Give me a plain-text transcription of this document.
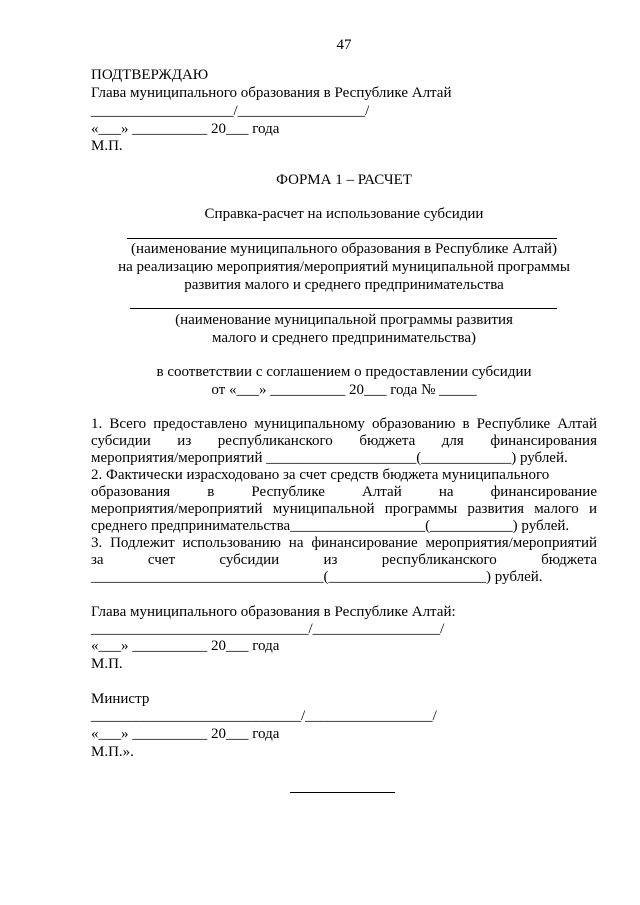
47
ПОДТВЕРЖДАЮ
Глава муниципального образования в Республике Алтай
___________________/_________________/
«___» __________ 20___ года
М.П.
ФОРМА 1 – РАСЧЕТ
Справка-расчет на использование субсидии
(наименование муниципального образования в Республике Алтай)
на реализацию мероприятия/мероприятий муниципальной программы
развития малого и среднего предпринимательства
(наименование муниципальной программы развития
малого и среднего предпринимательства)
в соответствии с соглашением о предоставлении субсидии
от «___» __________ 20___ года № _____
1. Всего предоставлено муниципальному образованию в Республике Алтай
субсидии из республиканского бюджета для финансирования
мероприятия/мероприятий ____________________(____________) рублей.
2. Фактически израсходовано за счет средств бюджета муниципального
образования в Республике Алтай на финансирование
мероприятия/мероприятий муниципальной программы развития малого и
среднего предпринимательства__________________(___________) рублей.
3. Подлежит использованию на финансирование мероприятия/мероприятий
за счет субсидии из республиканского бюджета
_______________________________(_____________________) рублей.
Глава муниципального образования в Республике Алтай:
_____________________________/_________________/
«___» __________ 20___ года
М.П.
Министр
____________________________/_________________/
«___» __________ 20___ года
М.П.».
